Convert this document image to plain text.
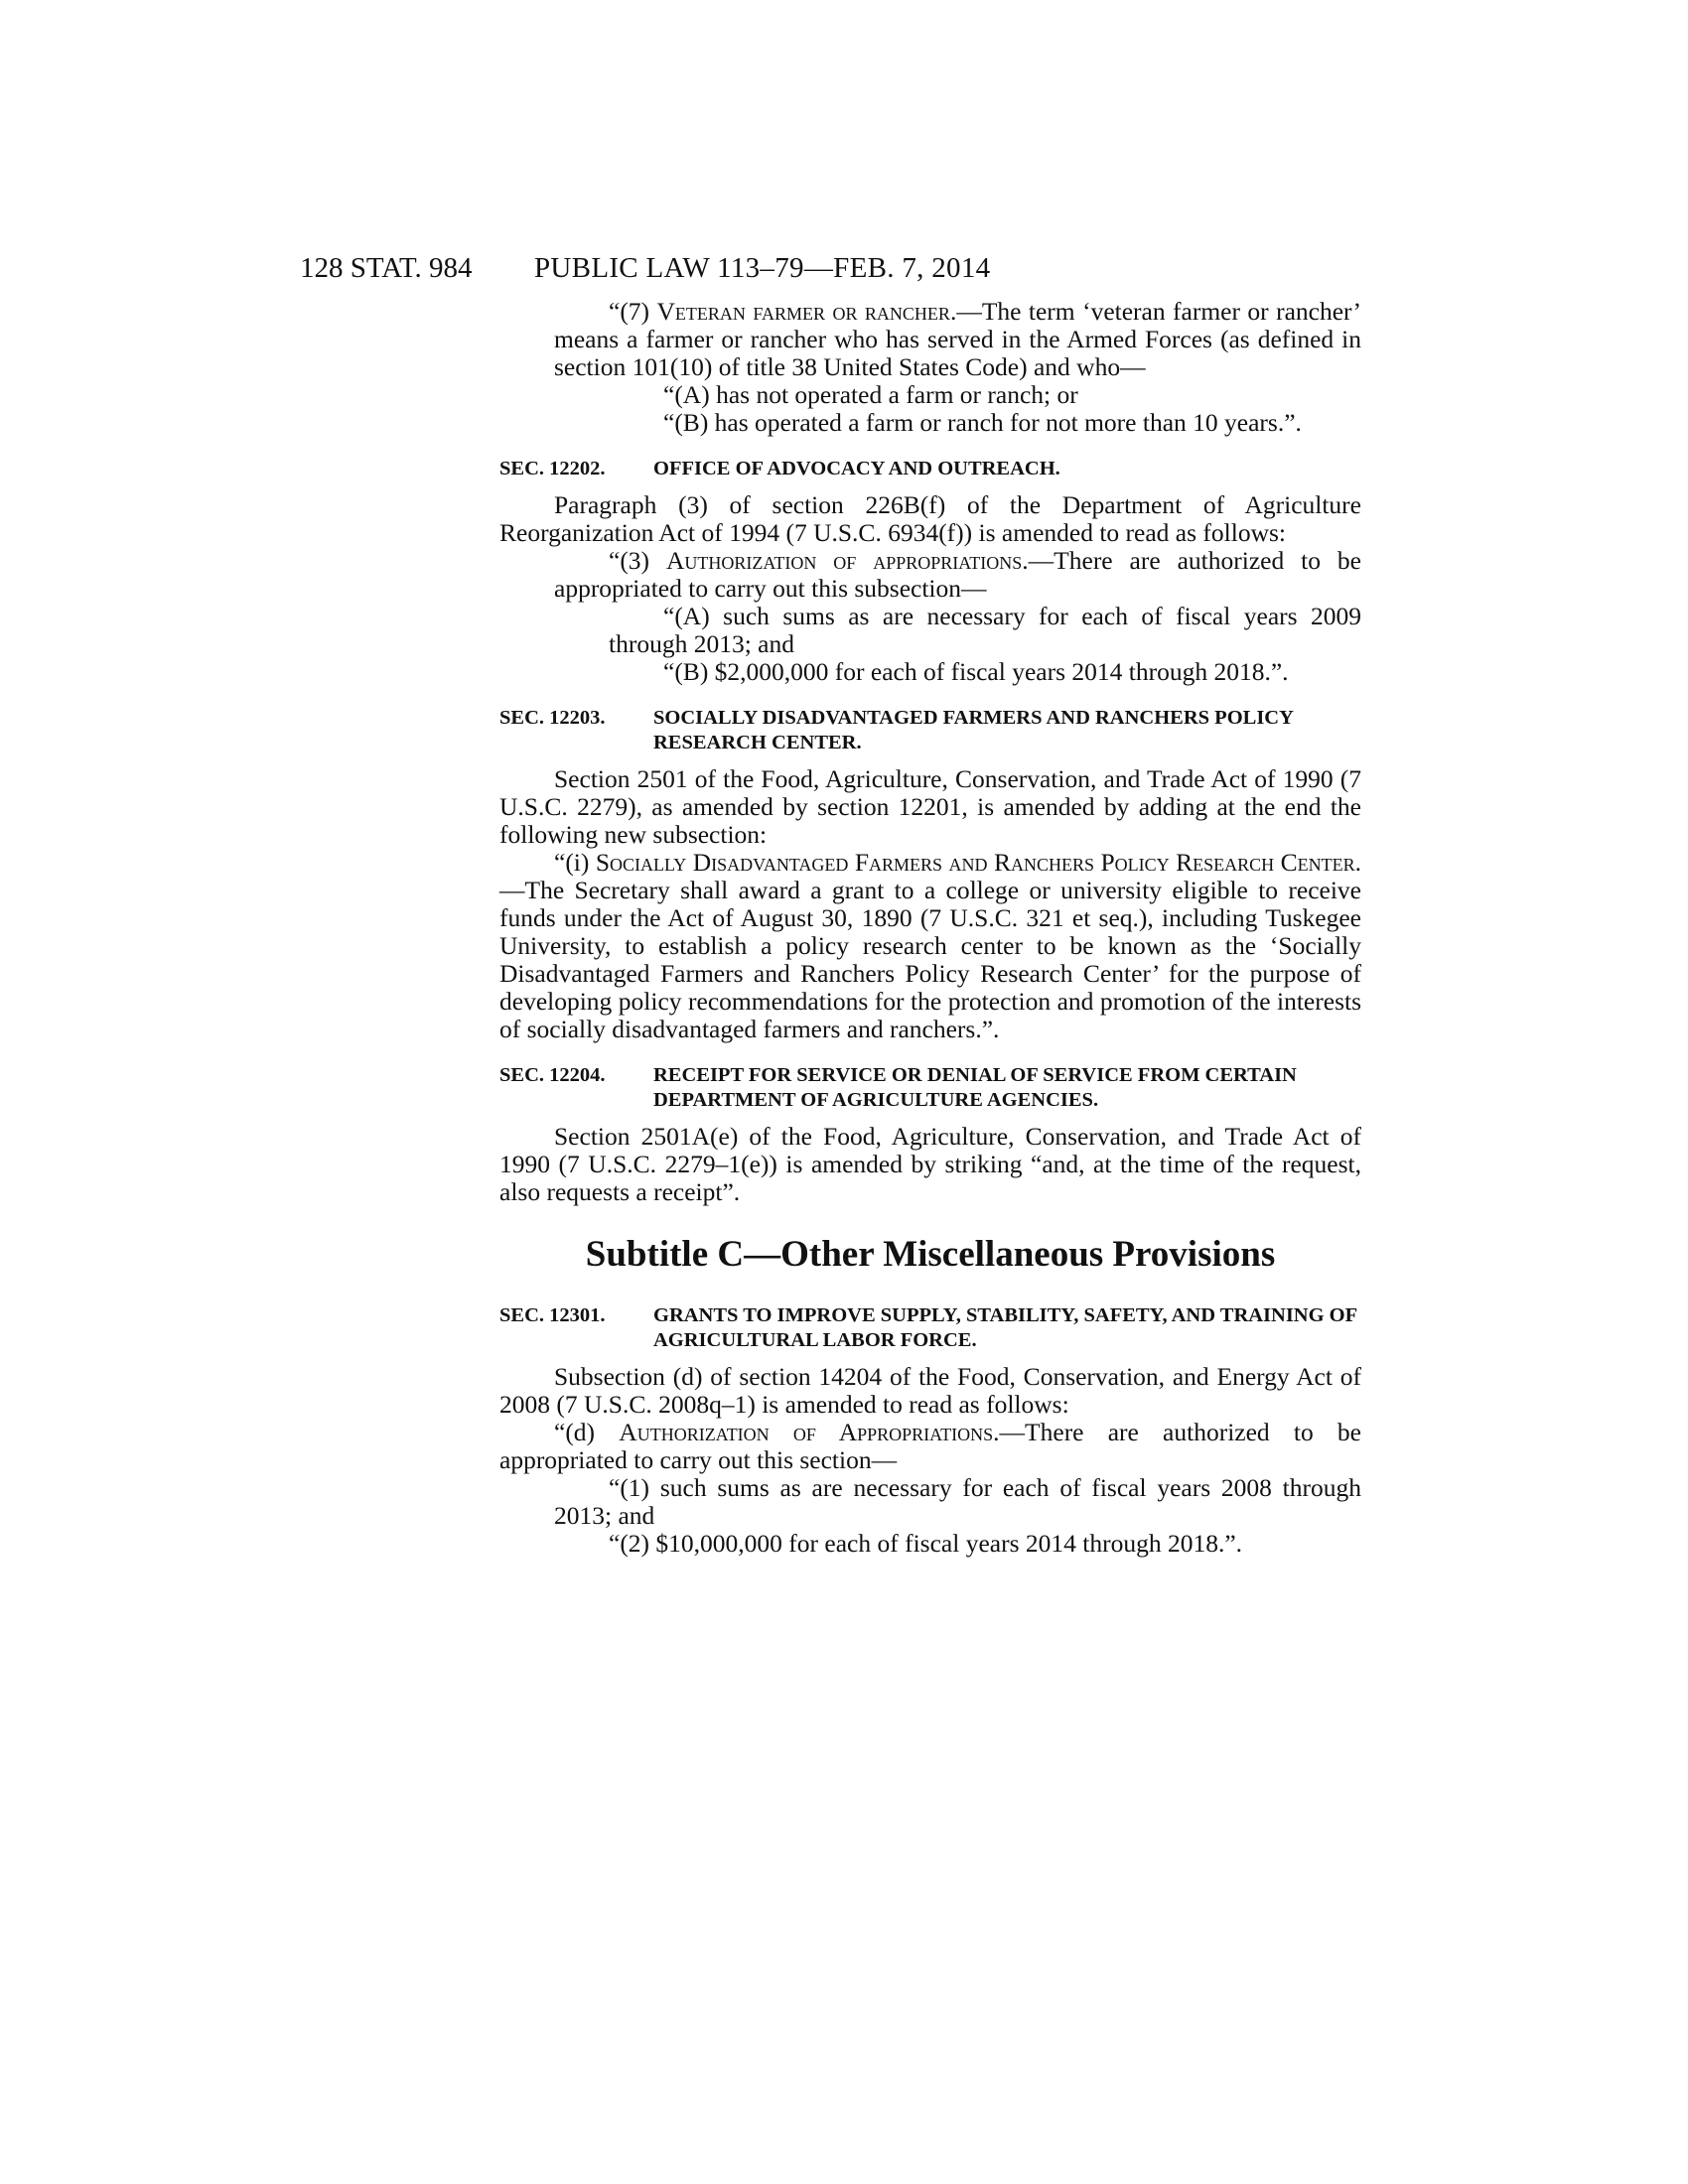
128 STAT. 984 PUBLIC LAW 113–79—FEB. 7, 2014

“(7) Veteran farmer or rancher.—The term ‘veteran farmer or rancher’ means a farmer or rancher who has served in the Armed Forces (as defined in section 101(10) of title 38 United States Code) and who—

“(A) has not operated a farm or ranch; or

“(B) has operated a farm or ranch for not more than 10 years.”.

SEC. 12202. OFFICE OF ADVOCACY AND OUTREACH.

Paragraph (3) of section 226B(f) of the Department of Agriculture Reorganization Act of 1994 (7 U.S.C. 6934(f)) is amended to read as follows:

“(3) Authorization of appropriations.—There are authorized to be appropriated to carry out this subsection—

“(A) such sums as are necessary for each of fiscal years 2009 through 2013; and

“(B) $2,000,000 for each of fiscal years 2014 through 2018.”.

SEC. 12203. SOCIALLY DISADVANTAGED FARMERS AND RANCHERS POLICY RESEARCH CENTER.

Section 2501 of the Food, Agriculture, Conservation, and Trade Act of 1990 (7 U.S.C. 2279), as amended by section 12201, is amended by adding at the end the following new subsection:

“(i) Socially Disadvantaged Farmers and Ranchers Policy Research Center.—The Secretary shall award a grant to a college or university eligible to receive funds under the Act of August 30, 1890 (7 U.S.C. 321 et seq.), including Tuskegee University, to establish a policy research center to be known as the ‘Socially Disadvantaged Farmers and Ranchers Policy Research Center’ for the purpose of developing policy recommendations for the protection and promotion of the interests of socially disadvantaged farmers and ranchers.”.

SEC. 12204. RECEIPT FOR SERVICE OR DENIAL OF SERVICE FROM CERTAIN DEPARTMENT OF AGRICULTURE AGENCIES.

Section 2501A(e) of the Food, Agriculture, Conservation, and Trade Act of 1990 (7 U.S.C. 2279–1(e)) is amended by striking “and, at the time of the request, also requests a receipt”.

Subtitle C—Other Miscellaneous Provisions

SEC. 12301. GRANTS TO IMPROVE SUPPLY, STABILITY, SAFETY, AND TRAINING OF AGRICULTURAL LABOR FORCE.

Subsection (d) of section 14204 of the Food, Conservation, and Energy Act of 2008 (7 U.S.C. 2008q–1) is amended to read as follows:

“(d) Authorization of Appropriations.—There are authorized to be appropriated to carry out this section—

“(1) such sums as are necessary for each of fiscal years 2008 through 2013; and

“(2) $10,000,000 for each of fiscal years 2014 through 2018.”.
